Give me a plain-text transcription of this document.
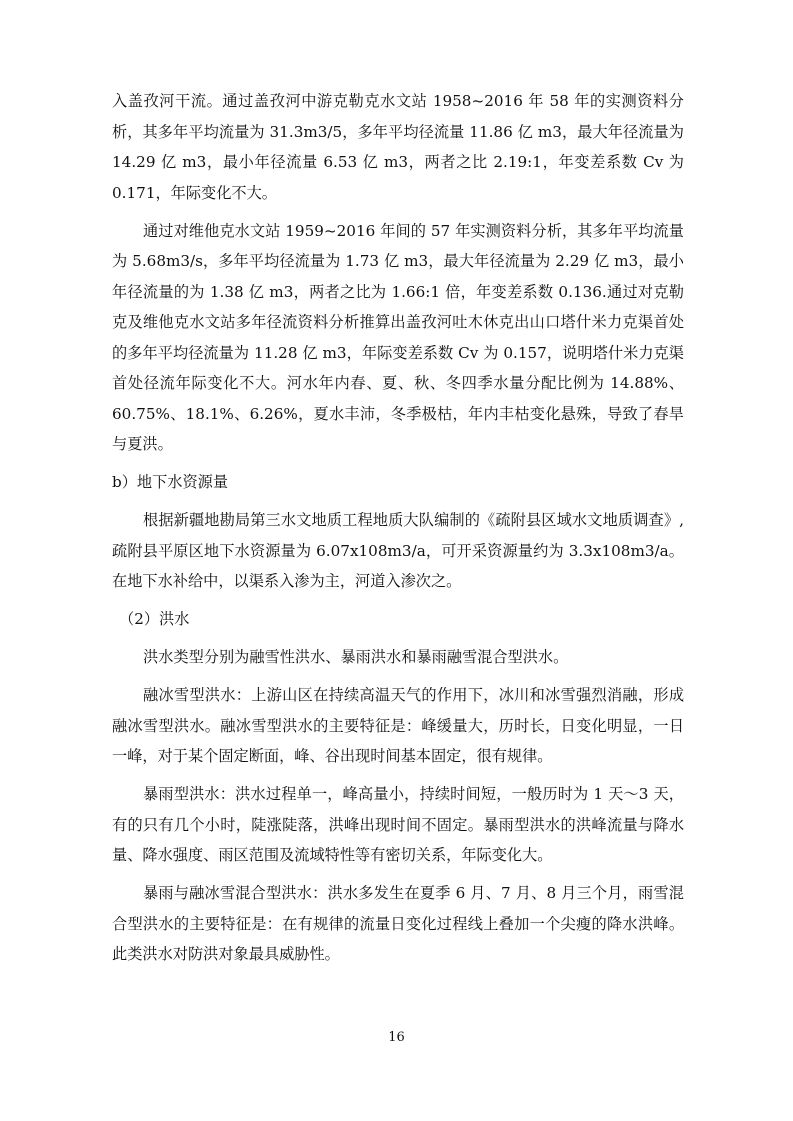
入盖孜河干流。通过盖孜河中游克勒克水文站 1958~2016 年 58 年的实测资料分析，其多年平均流量为 31.3m3/5，多年平均径流量 11.86 亿 m3，最大年径流量为 14.29 亿 m3，最小年径流量 6.53 亿 m3，两者之比 2.19:1，年变差系数 Cv 为 0.171，年际变化不大。

通过对维他克水文站 1959~2016 年间的 57 年实测资料分析，其多年平均流量为 5.68m3/s，多年平均径流量为 1.73 亿 m3，最大年径流量为 2.29 亿 m3，最小年径流量的为 1.38 亿 m3，两者之比为 1.66:1 倍，年变差系数 0.136.通过对克勒克及维他克水文站多年径流资料分析推算出盖孜河吐木休克出山口塔什米力克渠首处的多年平均径流量为 11.28 亿 m3，年际变差系数 Cv 为 0.157，说明塔什米力克渠首处径流年际变化不大。河水年内春、夏、秋、冬四季水量分配比例为 14.88%、60.75%、18.1%、6.26%，夏水丰沛，冬季极枯，年内丰枯变化悬殊，导致了春旱与夏洪。

b）地下水资源量

根据新疆地勘局第三水文地质工程地质大队编制的《疏附县区域水文地质调查》,疏附县平原区地下水资源量为 6.07x108m3/a，可开采资源量约为 3.3x108m3/a。在地下水补给中，以渠系入渗为主，河道入渗次之。

（2）洪水

洪水类型分别为融雪性洪水、暴雨洪水和暴雨融雪混合型洪水。

融冰雪型洪水：上游山区在持续高温天气的作用下，冰川和冰雪强烈消融，形成融冰雪型洪水。融冰雪型洪水的主要特征是：峰缓量大，历时长，日变化明显，一日一峰，对于某个固定断面，峰、谷出现时间基本固定，很有规律。

暴雨型洪水：洪水过程单一，峰高量小，持续时间短，一般历时为 1 天～3 天，有的只有几个小时，陡涨陡落，洪峰出现时间不固定。暴雨型洪水的洪峰流量与降水量、降水强度、雨区范围及流域特性等有密切关系，年际变化大。

暴雨与融冰雪混合型洪水：洪水多发生在夏季 6 月、7 月、8 月三个月，雨雪混合型洪水的主要特征是：在有规律的流量日变化过程线上叠加一个尖瘦的降水洪峰。此类洪水对防洪对象最具威胁性。

16
